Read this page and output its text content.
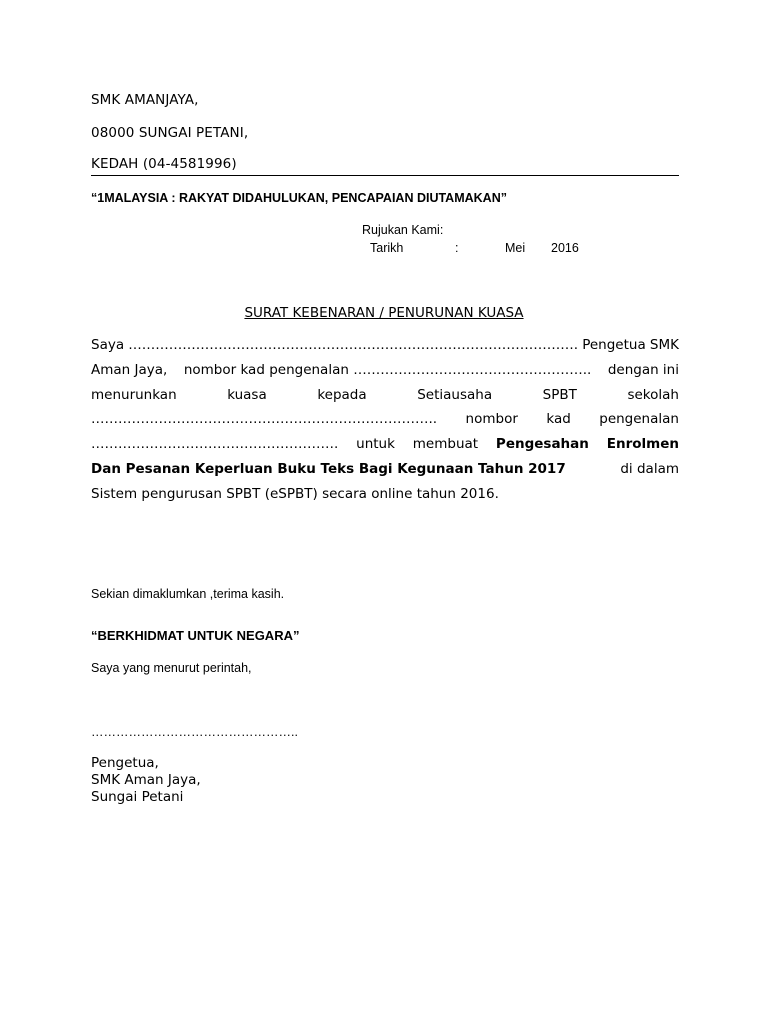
SMK AMANJAYA,
08000 SUNGAI PETANI,
KEDAH (04-4581996)
“1MALAYSIA : RAKYAT DIDAHULUKAN, PENCAPAIAN DIUTAMAKAN”
Rujukan Kami:
Tarikh	:	Mei 2016
SURAT KEBENARAN / PENURUNAN KUASA
Saya ………………………………………………………………………………………. Pengetua SMK
Aman Jaya, nombor kad pengenalan …………………………………………….. dengan ini
menurunkan	kuasa	kepada	Setiausaha	SPBT	sekolah
………………………………………………………………….. nombor kad pengenalan
………………………………………………. untuk membuat Pengesahan Enrolmen
Dan Pesanan Keperluan Buku Teks Bagi Kegunaan Tahun 2017	di dalam
Sistem pengurusan SPBT (eSPBT) secara online tahun 2016.
Sekian dimaklumkan ,terima kasih.
“BERKHIDMAT UNTUK NEGARA”
Saya yang menurut perintah,
…………………………………………..
Pengetua,
SMK Aman Jaya,
Sungai Petani
